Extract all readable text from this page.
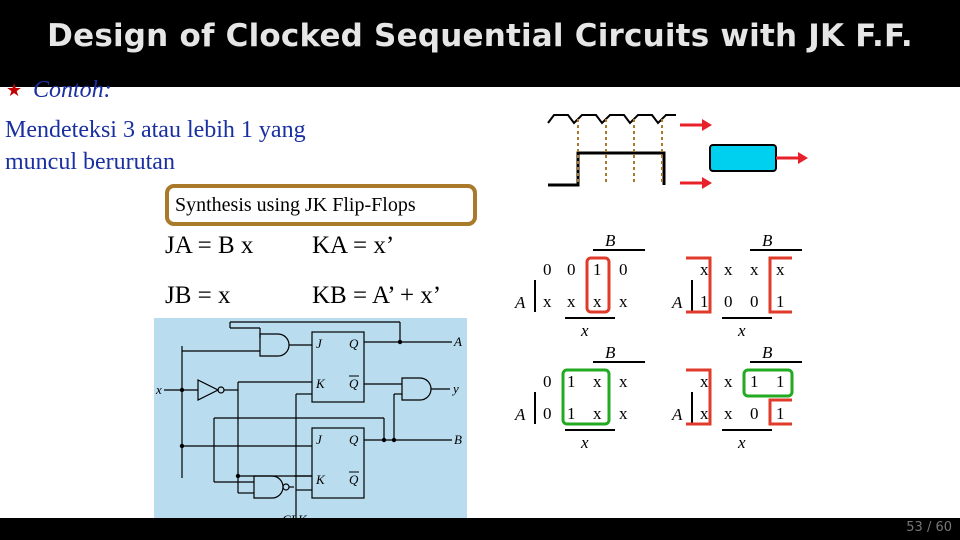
Design of Clocked Sequential Circuits with JK F.F.
★ Contoh:
Mendeteksi 3 atau lebih 1 yang
muncul berurutan
Synthesis using JK Flip-Flops
JA = B x KA = x’
JB = x	KB = A’ + x’
B
A
x
0 0 1 0
x x x x
B
A
x
x x x x
1 0 0 1
B
A
x
0 1 x x
0 1 x x
B
A
x
x x 1 1
x x 0 1
J
K
Q
Q
J
K
Q
Q
A
B
x	y
53 / 60
